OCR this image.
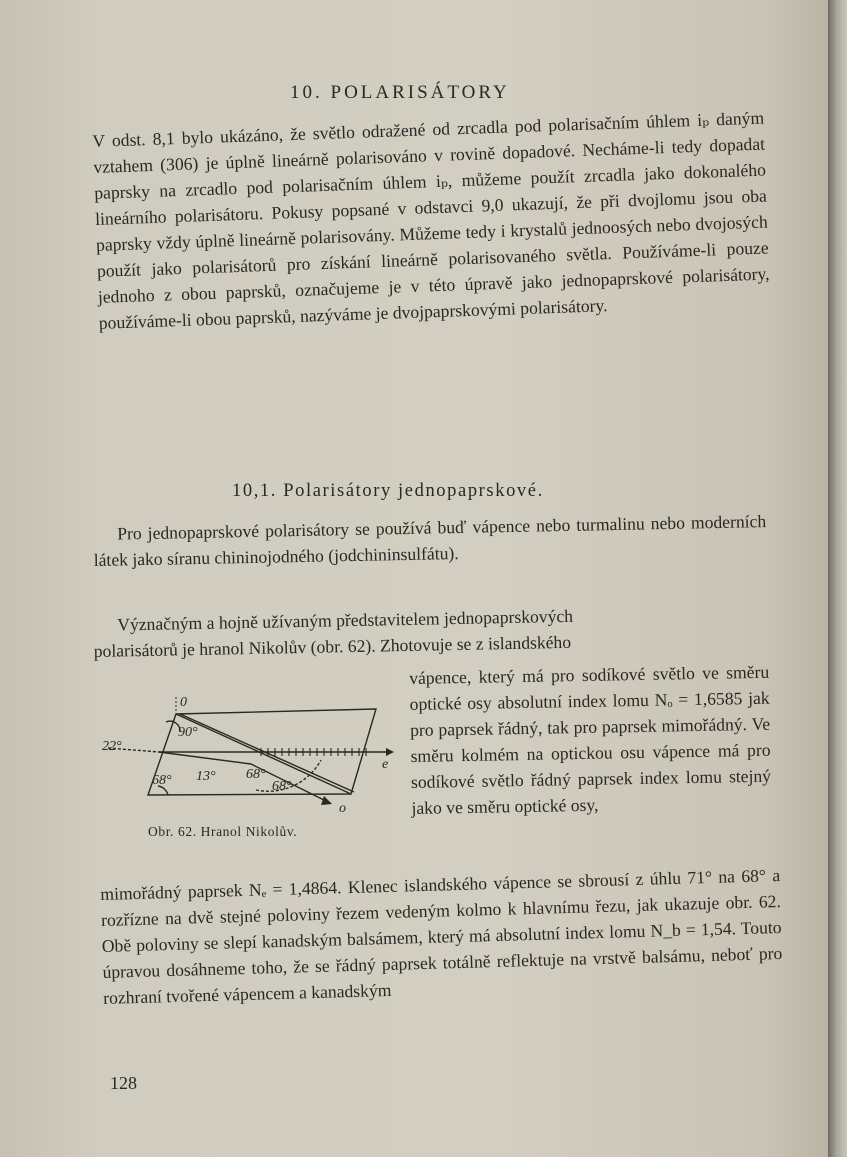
10. POLARISÁTORY

V odst. 8,1 bylo ukázáno, že světlo odražené od zrcadla pod polarisačním úhlem iₚ daným vztahem (306) je úplně lineárně polarisováno v rovině dopadové. Necháme-li tedy dopadat paprsky na zrcadlo pod polarisačním úhlem iₚ, můžeme použít zrcadla jako dokonalého lineárního polarisátoru. Pokusy popsané v odstavci 9,0 ukazují, že při dvojlomu jsou oba paprsky vždy úplně lineárně polarisovány. Můžeme tedy i krystalů jednoosých nebo dvojosých použít jako polarisátorů pro získání lineárně polarisovaného světla. Používáme-li pouze jednoho z obou paprsků, označujeme je v této úpravě jako jednopaprskové polarisátory, používáme-li obou paprsků, nazýváme je dvojpaprskovými polarisátory.

10,1. Polarisátory jednopaprskové.

Pro jednopaprskové polarisátory se používá buď vápence nebo turmalinu nebo moderních látek jako síranu chininojodného (jodchininsulfátu).

Význačným a hojně užívaným představitelem jednopaprskových
polarisátorů je hranol Nikolův (obr. 62). Zhotovuje se z islandského

vápence, který má pro sodíkové světlo ve směru optické osy absolutní index lomu Nₒ = 1,6585 jak pro paprsek řádný, tak pro paprsek mimořádný. Ve směru kolmém na optickou osu vápence má pro sodíkové světlo řádný paprsek index lomu stejný jako ve směru optické osy,

0
22°
90°
68° 13° 68°
68°
e
o
Obr. 62. Hranol Nikolův.

mimořádný paprsek Nₑ = 1,4864. Klenec islandského vápence se sbrousí z úhlu 71° na 68° a rozřízne na dvě stejné poloviny řezem vedeným kolmo k hlavnímu řezu, jak ukazuje obr. 62. Obě poloviny se slepí kanadským balsámem, který má absolutní index lomu N_b = 1,54. Touto úpravou dosáhneme toho, že se řádný paprsek totálně reflektuje na vrstvě balsámu, neboť pro rozhraní tvořené vápencem a kanadským

128
